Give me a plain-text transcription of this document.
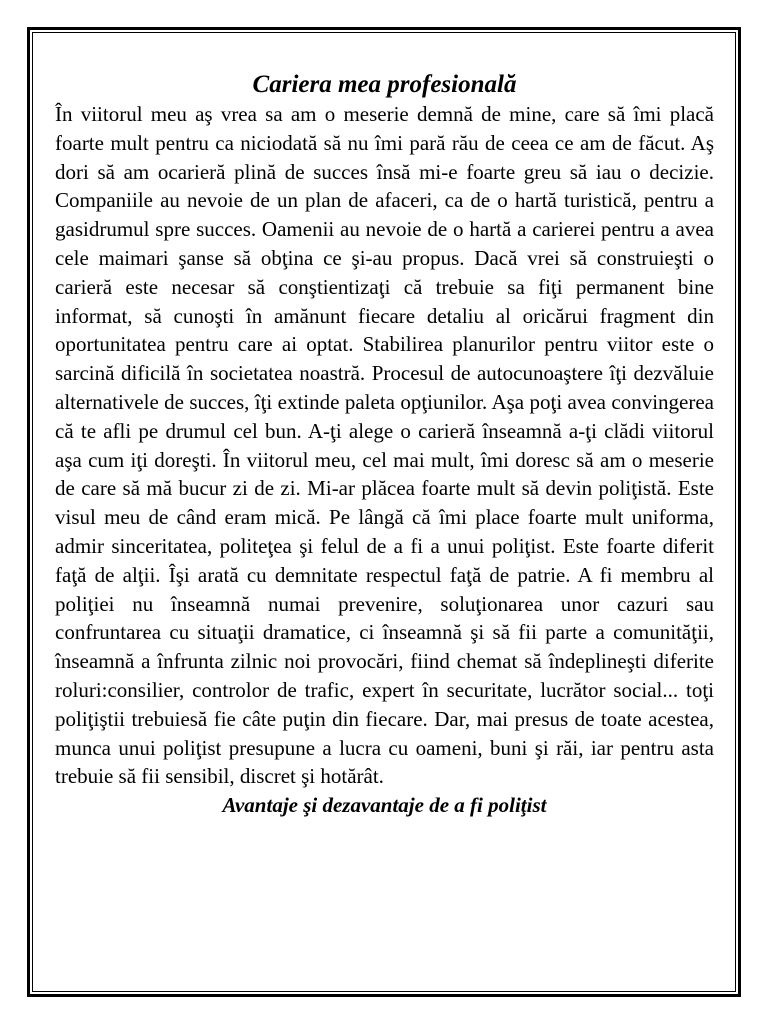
Cariera mea profesională

În viitorul meu aş vrea sa am o meserie demnă de mine, care să îmi placă foarte mult pentru ca niciodată să nu îmi pară rău de ceea ce am de făcut. Aş dori să am ocarieră plină de succes însă mi-e foarte greu să iau o decizie. Companiile au nevoie de un plan de afaceri, ca de o hartă turistică, pentru a gasidrumul spre succes. Oamenii au nevoie de o hartă a carierei pentru a avea cele maimari şanse să obţina ce şi-au propus. Dacă vrei să construieşti o carieră este necesar să conştientizaţi că trebuie sa fiţi permanent bine informat, să cunoşti în amănunt fiecare detaliu al oricărui fragment din oportunitatea pentru care ai optat. Stabilirea planurilor pentru viitor este o sarcină dificilă în societatea noastră. Procesul de autocunoaştere îţi dezvăluie alternativele de succes, îţi extinde paleta opţiunilor. Aşa poţi avea convingerea că te afli pe drumul cel bun. A-ţi alege o carieră înseamnă a-ţi clădi viitorul aşa cum iţi doreşti. În viitorul meu, cel mai mult, îmi doresc să am o meserie de care să mă bucur zi de zi. Mi-ar plăcea foarte mult să devin poliţistă. Este visul meu de când eram mică. Pe lângă că îmi place foarte mult uniforma, admir sinceritatea, politeţea şi felul de a fi a unui poliţist. Este foarte diferit faţă de alţii. Îşi arată cu demnitate respectul faţă de patrie. A fi membru al poliţiei nu înseamnă numai prevenire, soluţionarea unor cazuri sau confruntarea cu situaţii dramatice, ci înseamnă şi să fii parte a comunităţii, înseamnă a înfrunta zilnic noi provocări, fiind chemat să îndeplineşti diferite roluri:consilier, controlor de trafic, expert în securitate, lucrător social... toţi poliţiştii trebuiesă fie câte puţin din fiecare. Dar, mai presus de toate acestea, munca unui poliţist presupune a lucra cu oameni, buni şi răi, iar pentru asta trebuie să fii sensibil, discret şi hotărât.

Avantaje şi dezavantaje de a fi poliţist
